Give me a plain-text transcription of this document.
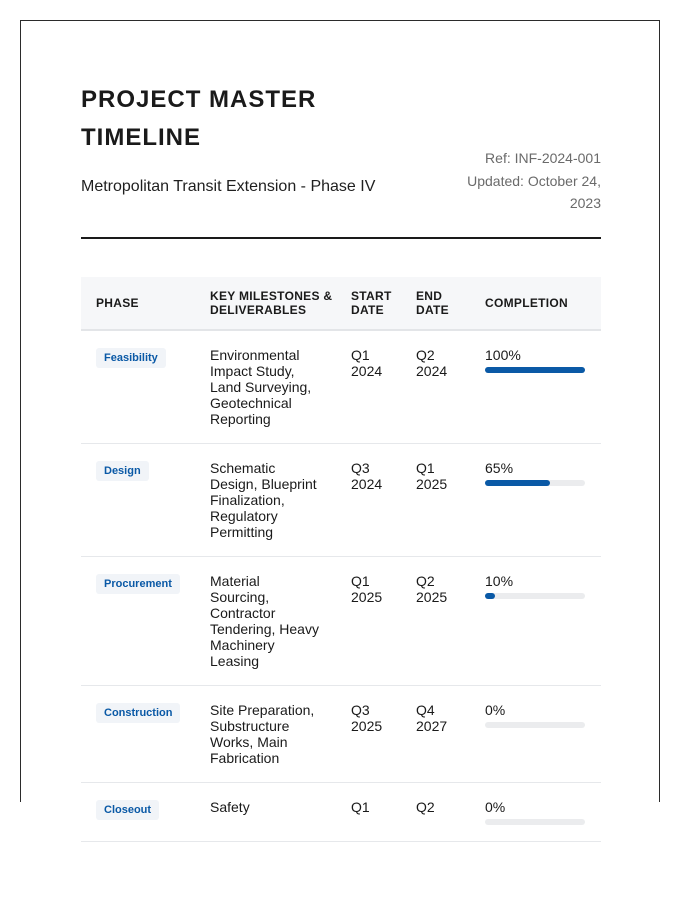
PROJECT MASTER TIMELINE
Metropolitan Transit Extension - Phase IV
Ref: INF-2024-001
Updated: October 24, 2023
PHASE	KEY MILESTONES & DELIVERABLES	START DATE	END DATE	COMPLETION
Feasibility	Environmental Impact Study, Land Surveying, Geotechnical Reporting	Q1 2024	Q2 2024	100%

Design	Schematic Design, Blueprint Finalization, Regulatory Permitting	Q3 2024	Q1 2025	65%

Procurement	Material Sourcing, Contractor Tendering, Heavy Machinery Leasing	Q1 2025	Q2 2025	10%

Construction	Site Preparation, Substructure Works, Main Fabrication	Q3 2025	Q4 2027	0%

Closeout	Safety	Q1	Q2	0%
